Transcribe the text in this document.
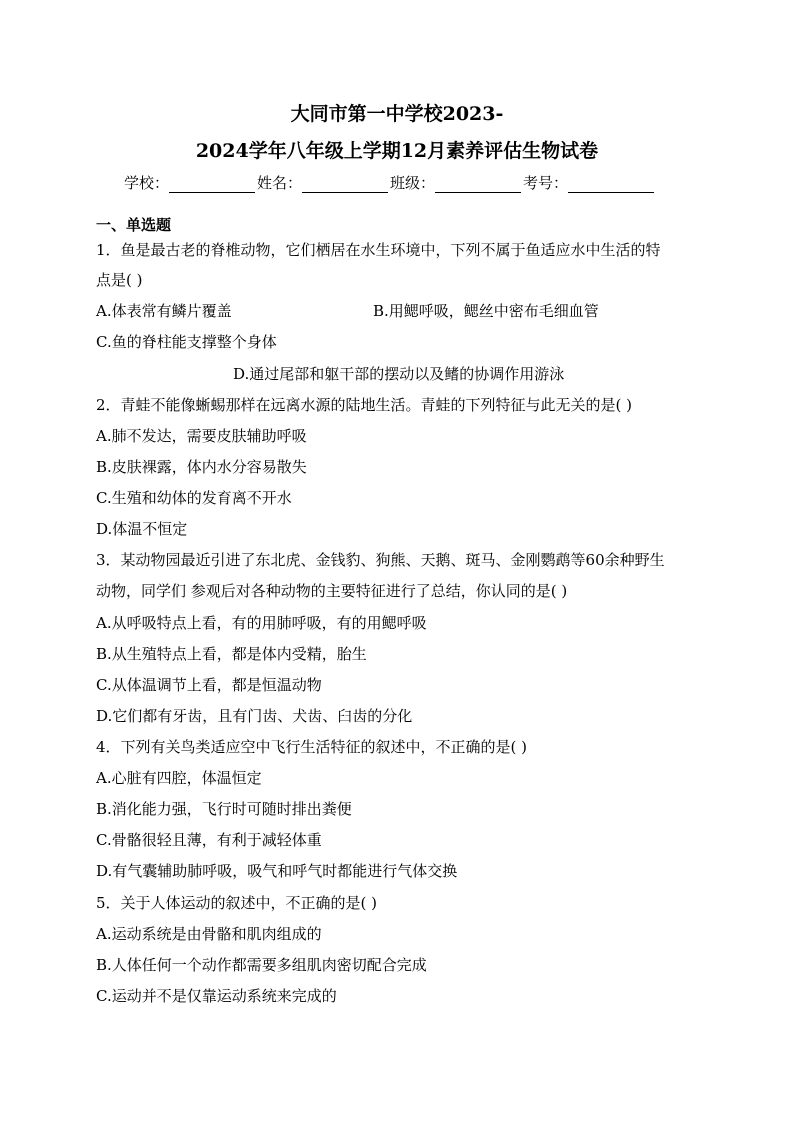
大同市第一中学校2023-
2024学年八年级上学期12月素养评估生物试卷
学校：	姓名：	班级：	考号：
一、单选题
1．鱼是最古老的脊椎动物，它们栖居在水生环境中，下列不属于鱼适应水中生活的特
点是( )
A.体表常有鳞片覆盖	B.用鳃呼吸，鳃丝中密布毛细血管
C.鱼的脊柱能支撑整个身体
D.通过尾部和躯干部的摆动以及鳍的协调作用游泳
2．青蛙不能像蜥蜴那样在远离水源的陆地生活。青蛙的下列特征与此无关的是( )
A.肺不发达，需要皮肤辅助呼吸
B.皮肤裸露，体内水分容易散失
C.生殖和幼体的发育离不开水
D.体温不恒定
3．某动物园最近引进了东北虎、金钱豹、狗熊、天鹅、斑马、金刚鹦鹉等60余种野生
动物，同学们 参观后对各种动物的主要特征进行了总结，你认同的是( )
A.从呼吸特点上看，有的用肺呼吸，有的用鳃呼吸
B.从生殖特点上看，都是体内受精，胎生
C.从体温调节上看，都是恒温动物
D.它们都有牙齿，且有门齿、犬齿、臼齿的分化
4．下列有关鸟类适应空中飞行生活特征的叙述中，不正确的是( )
A.心脏有四腔，体温恒定
B.消化能力强，飞行时可随时排出粪便
C.骨骼很轻且薄，有利于减轻体重
D.有气囊辅助肺呼吸，吸气和呼气时都能进行气体交换
5．关于人体运动的叙述中，不正确的是( )
A.运动系统是由骨骼和肌肉组成的
B.人体任何一个动作都需要多组肌肉密切配合完成
C.运动并不是仅靠运动系统来完成的
